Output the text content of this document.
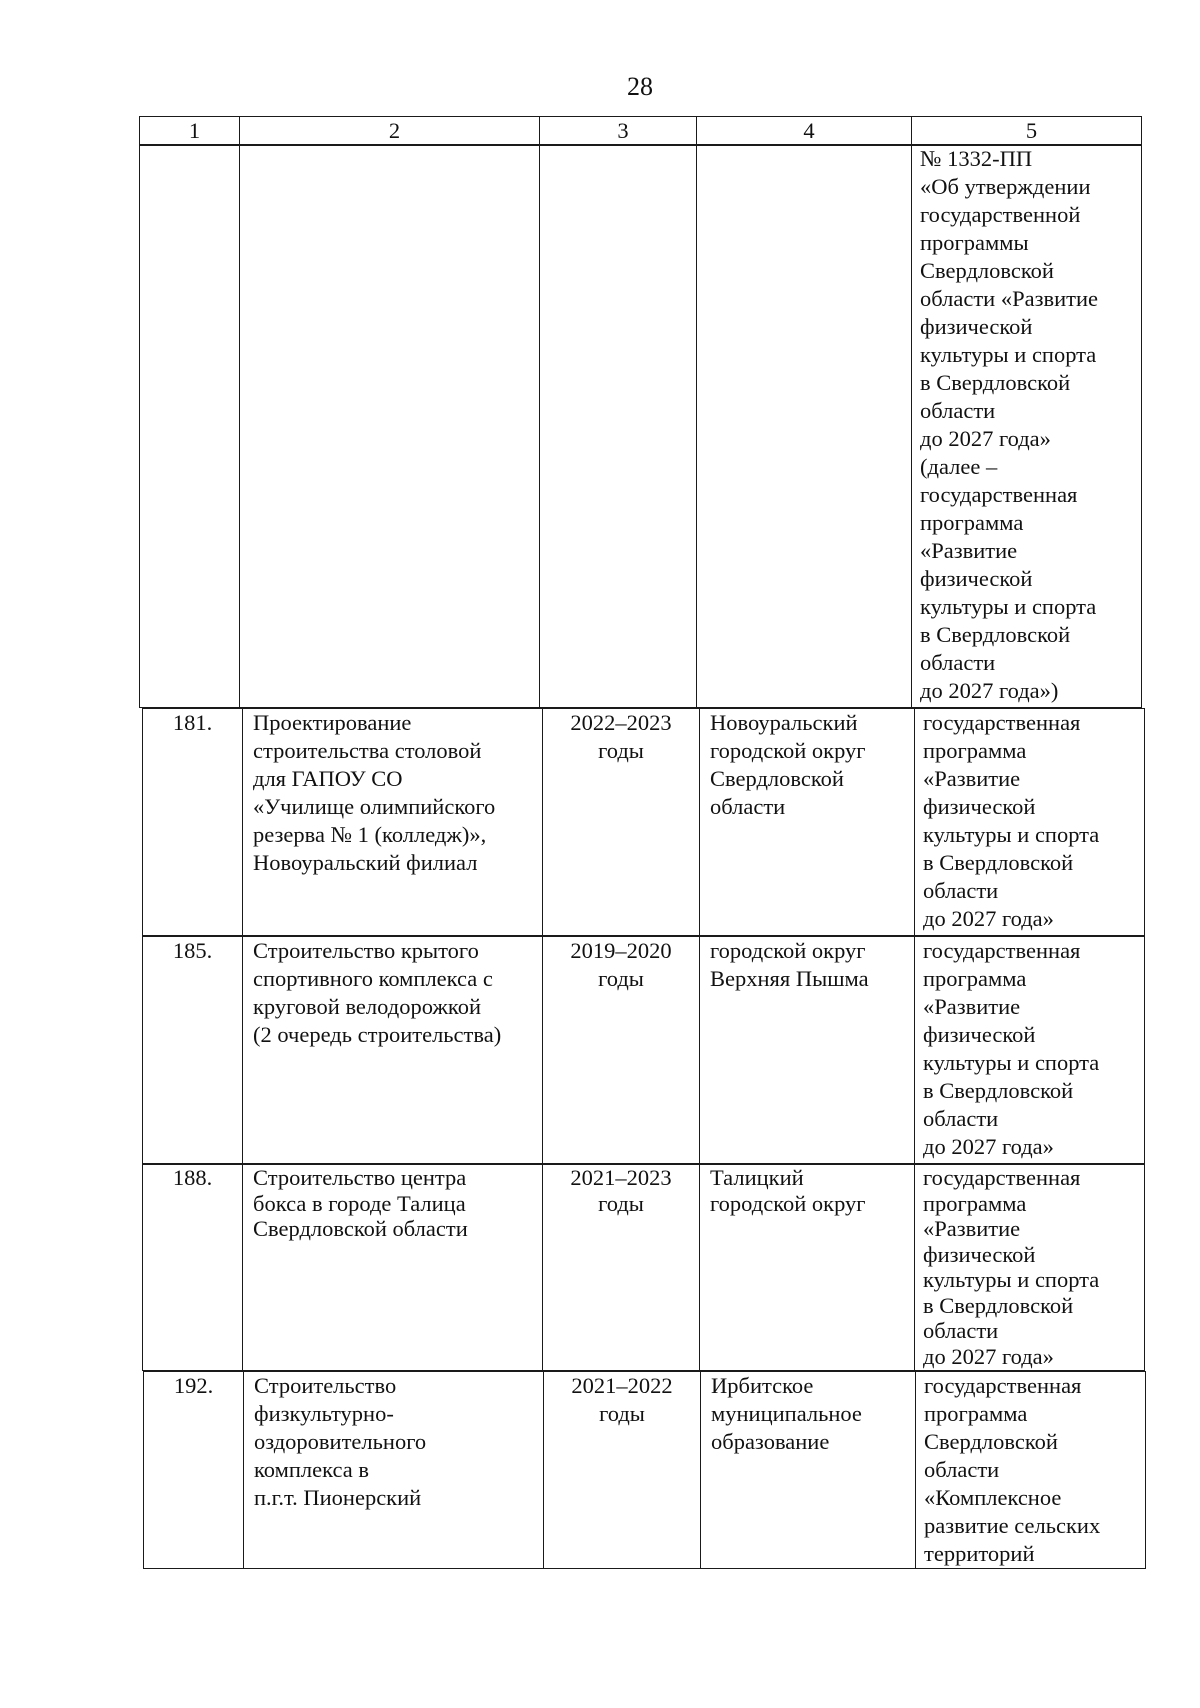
28
1	2	3	4	5
				№ 1332-ПП
«Об утверждении
государственной
программы
Свердловской
области «Развитие
физической
культуры и спорта
в Свердловской
области
до 2027 года»
(далее –
государственная
программа
«Развитие
физической
культуры и спорта
в Свердловской
области
до 2027 года»)
181.	Проектирование
строительства столовой
для ГАПОУ СО
«Училище олимпийского
резерва № 1 (колледж)»,
Новоуральский филиал	2022–2023
годы	Новоуральский
городской округ
Свердловской
области	государственная
программа
«Развитие
физической
культуры и спорта
в Свердловской
области
до 2027 года»
185.	Строительство крытого
спортивного комплекса с
круговой велодорожкой
(2 очередь строительства)	2019–2020
годы	городской округ
Верхняя Пышма	государственная
программа
«Развитие
физической
культуры и спорта
в Свердловской
области
до 2027 года»
188.	Строительство центра
бокса в городе Талица
Свердловской области	2021–2023
годы	Талицкий
городской округ	государственная
программа
«Развитие
физической
культуры и спорта
в Свердловской
области
до 2027 года»
192.	Строительство
физкультурно-
оздоровительного
комплекса в
п.г.т. Пионерский	2021–2022
годы	Ирбитское
муниципальное
образование	государственная
программа
Свердловской
области
«Комплексное
развитие сельских
территорий
